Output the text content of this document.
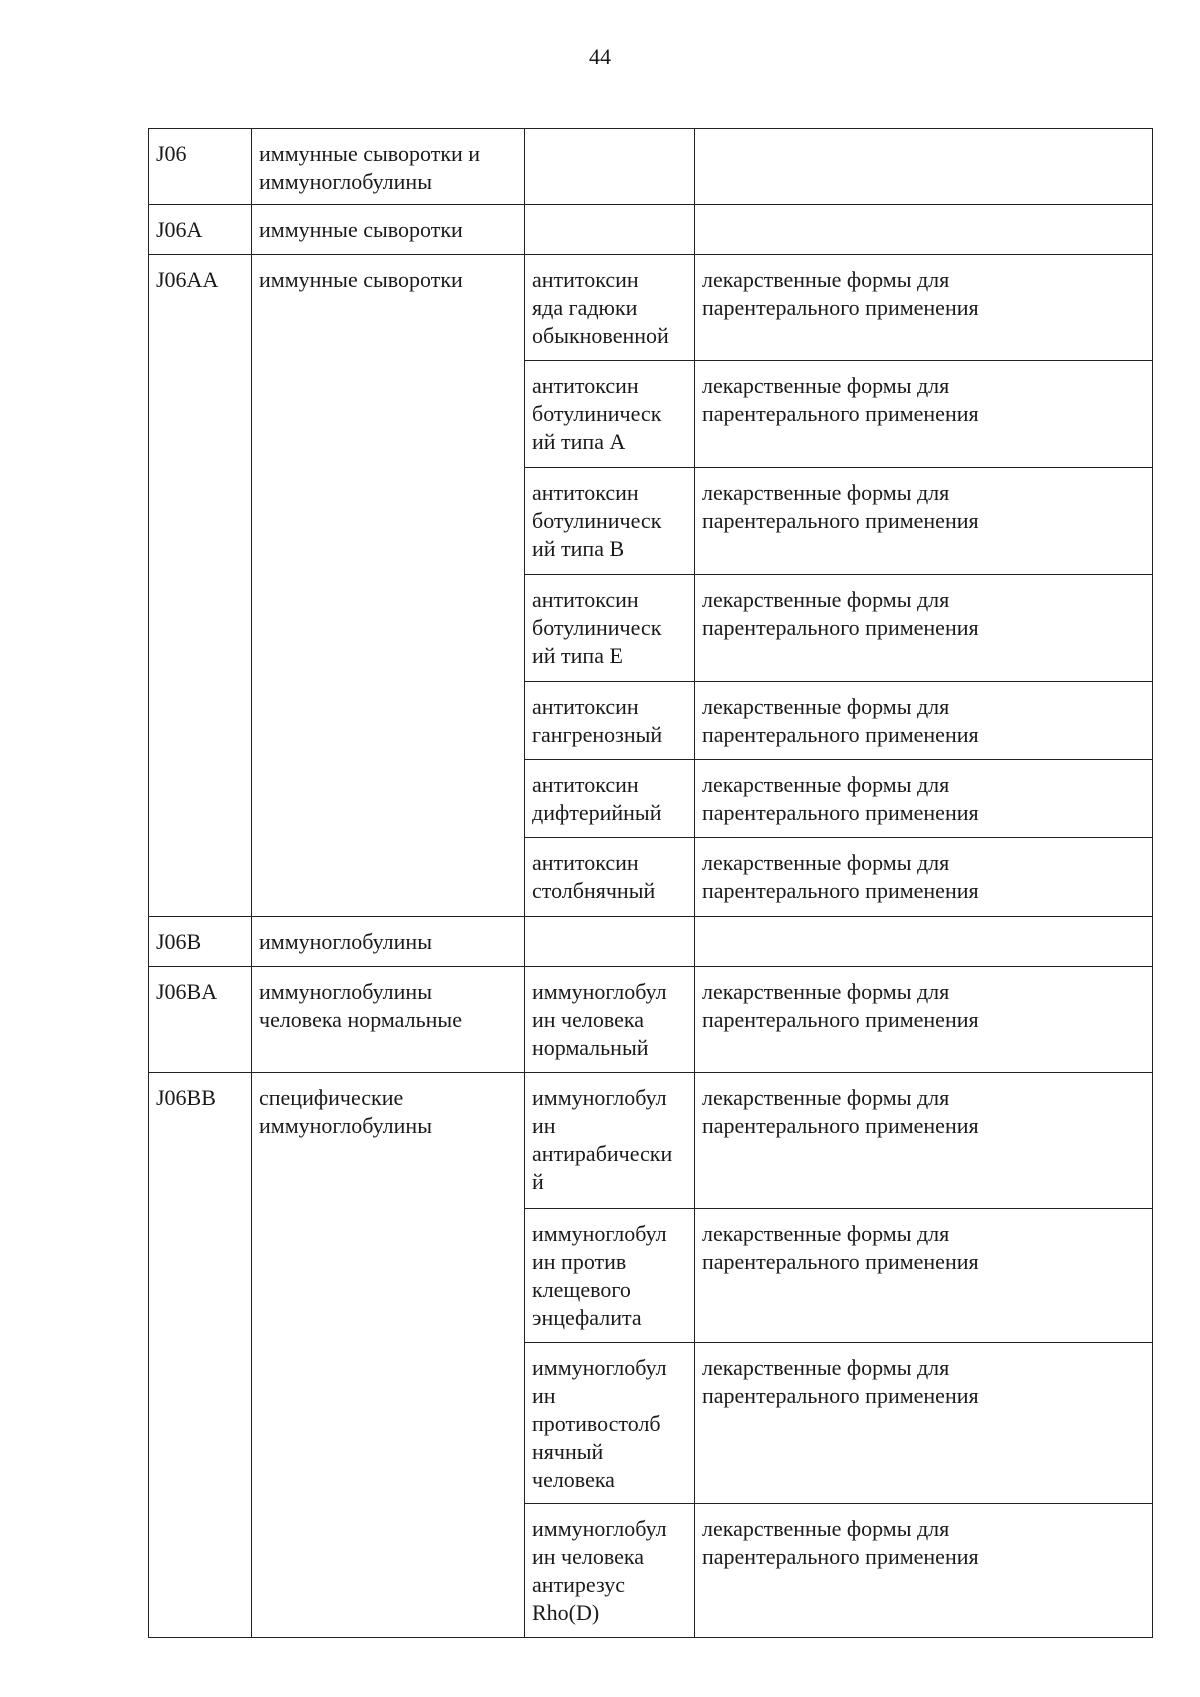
44
J06	иммунные сыворотки и
иммуноглобулины		
J06A	иммунные сыворотки		
J06AA	иммунные сыворотки	антитоксин
яда гадюки
обыкновенной	лекарственные формы для
парентерального применения
		антитоксин
ботулиническ
ий типа А	лекарственные формы для
парентерального применения
		антитоксин
ботулиническ
ий типа В	лекарственные формы для
парентерального применения
		антитоксин
ботулиническ
ий типа Е	лекарственные формы для
парентерального применения
		антитоксин
гангренозный	лекарственные формы для
парентерального применения
		антитоксин
дифтерийный	лекарственные формы для
парентерального применения
		антитоксин
столбнячный	лекарственные формы для
парентерального применения
J06B	иммуноглобулины		
J06BA	иммуноглобулины
человека нормальные	иммуноглобул
ин человека
нормальный	лекарственные формы для
парентерального применения
J06BB	специфические
иммуноглобулины	иммуноглобул
ин
антирабически
й	лекарственные формы для
парентерального применения
		иммуноглобул
ин против
клещевого
энцефалита	лекарственные формы для
парентерального применения
		иммуноглобул
ин
противостолб
нячный
человека	лекарственные формы для
парентерального применения
		иммуноглобул
ин человека
антирезус
Rho(D)	лекарственные формы для
парентерального применения
